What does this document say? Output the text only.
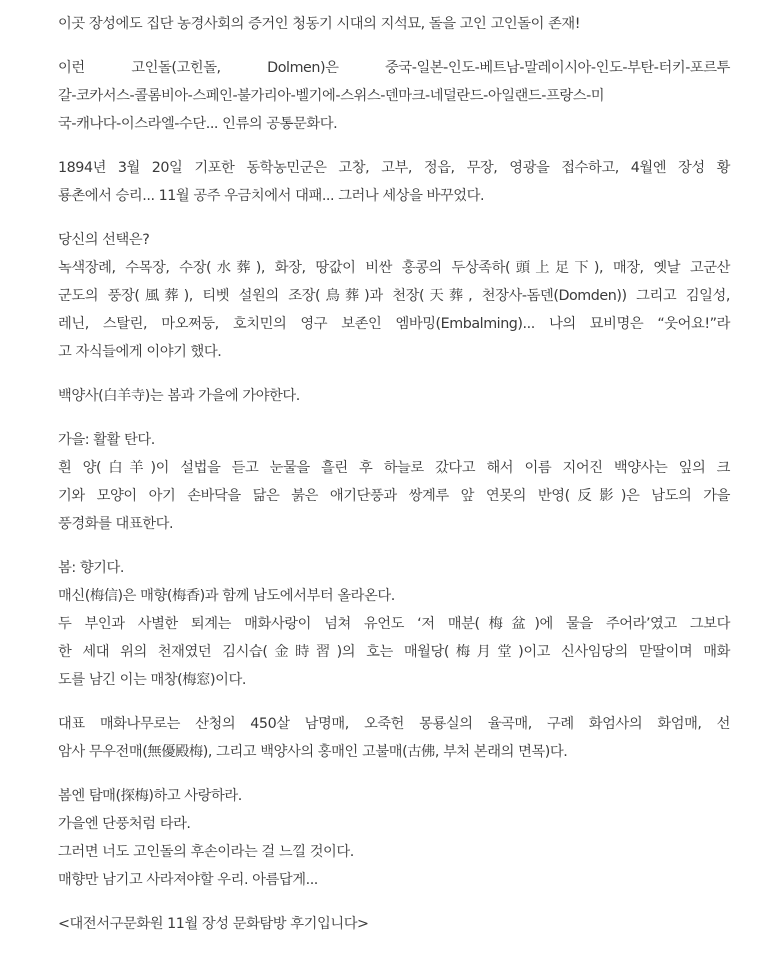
이곳 장성에도 집단 농경사회의 증거인 청동기 시대의 지석묘, 돌을 고인 고인돌이 존재!

이런   고인돌(고힌돌,   Dolmen)은   중국-일본-인도-베트남-말레이시아-인도-부탄-터키-포르투
갈-코카서스-콜롬비아-스페인-불가리아-벨기에-스위스-덴마크-네덜란드-아일랜드-프랑스-미
국-캐나다-이스라엘-수단... 인류의 공통문화다.

1894년 3월 20일 기포한 동학농민군은 고창, 고부, 정읍, 무장, 영광을 접수하고, 4월엔 장성 황
룡촌에서 승리... 11월 공주 우금치에서 대패... 그러나 세상을 바꾸었다.

당신의 선택은?
녹색장례, 수목장, 수장(水葬), 화장, 땅값이 비싼 홍콩의 두상족하(頭上足下), 매장, 옛날 고군산
군도의 풍장(風葬), 티벳 설원의 조장(鳥葬)과 천장(天葬, 천장사-돔덴(Domden)) 그리고 김일성,
레닌, 스탈린, 마오쩌둥, 호치민의 영구 보존인 엠바밍(Embalming)... 나의 묘비명은 “웃어요!”라
고 자식들에게 이야기 했다.

백양사(白羊寺)는 봄과 가을에 가야한다.

가을: 활활 탄다.
흰 양(白羊)이 설법을 듣고 눈물을 흘린 후 하늘로 갔다고 해서 이름 지어진 백양사는 잎의 크
기와 모양이 아기 손바닥을 닮은 붉은 애기단풍과 쌍계루 앞 연못의 반영(反影)은 남도의 가을
풍경화를 대표한다.

봄: 향기다.
매신(梅信)은 매향(梅香)과 함께 남도에서부터 올라온다.
두 부인과 사별한 퇴계는 매화사랑이 넘쳐 유언도 ‘저 매분(梅盆)에 물을 주어라’였고 그보다
한 세대 위의 천재였던 김시습(金時習)의 호는 매월당(梅月堂)이고 신사임당의 맏딸이며 매화
도를 남긴 이는 매창(梅窓)이다.

대표 매화나무로는 산청의 450살 남명매, 오죽헌 몽룡실의 율곡매, 구례 화엄사의 화엄매, 선
암사 무우전매(無優殿梅), 그리고 백양사의 홍매인 고불매(古佛, 부처 본래의 면목)다.

봄엔 탐매(探梅)하고 사랑하라.
가을엔 단풍처럼 타라.
그러면 너도 고인돌의 후손이라는 걸 느낄 것이다.
매향만 남기고 사라져야할 우리. 아름답게...

<대전서구문화원 11월 장성 문화탐방 후기입니다>
